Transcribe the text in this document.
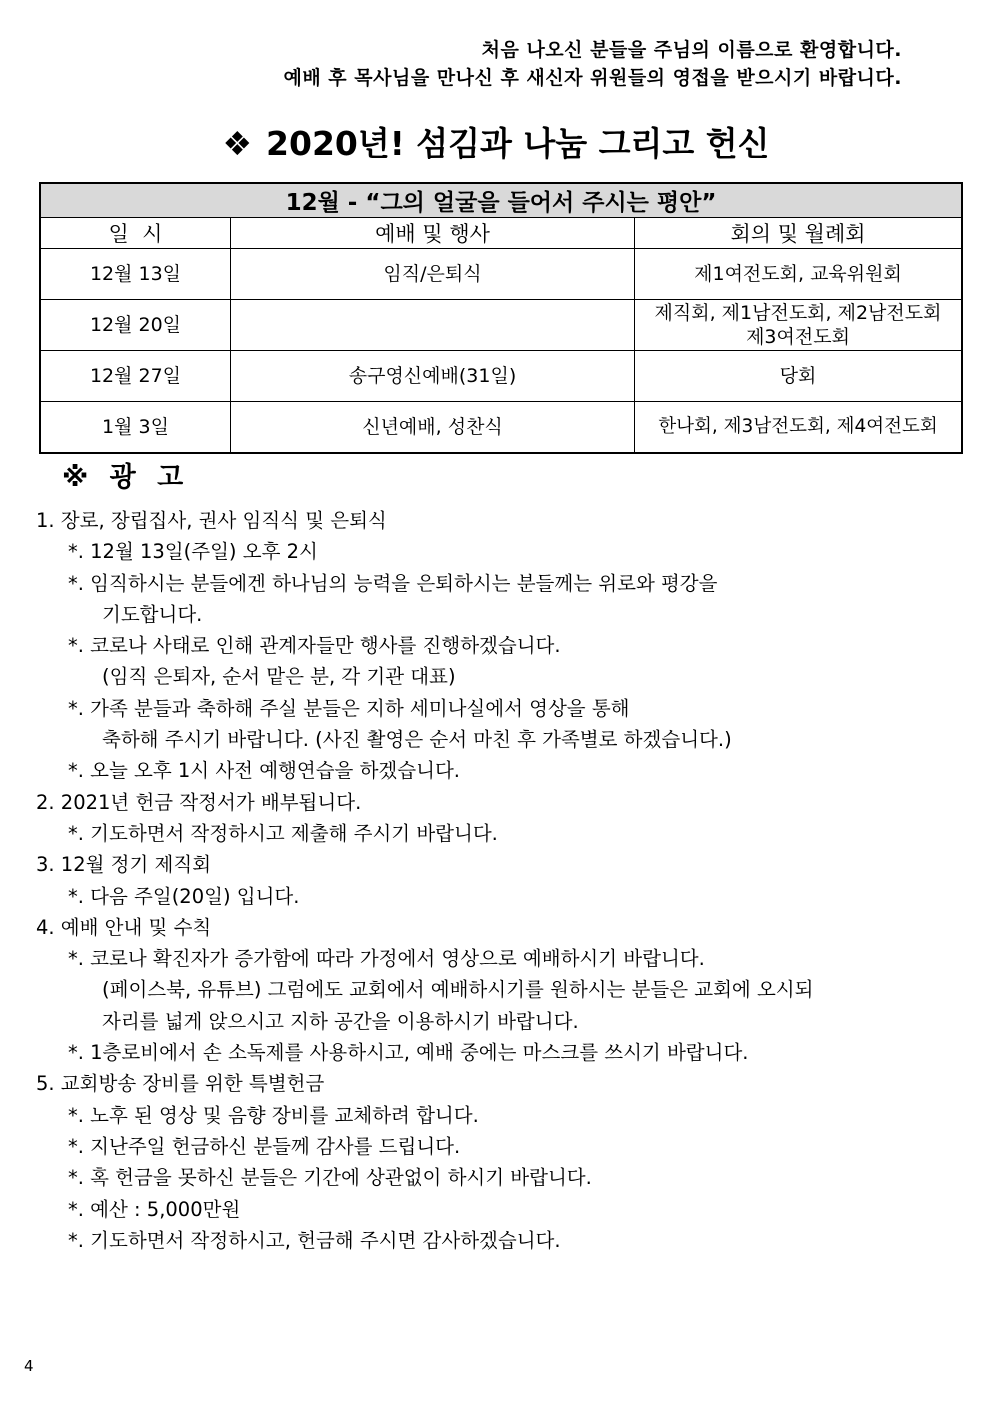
처음 나오신 분들을 주님의 이름으로 환영합니다.
예배 후 목사님을 만나신 후 새신자 위원들의 영접을 받으시기 바랍니다.
❖ 2020년! 섬김과 나눔 그리고 헌신
12월 - “그의 얼굴을 들어서 주시는 평안”		
일  시	예배 및 행사	회의 및 월례회
12월 13일	임직/은퇴식	제1여전도회, 교육위원회

12월 20일		제직회, 제1남전도회, 제2남전도회
제3여전도회

12월 27일	송구영신예배(31일)	당회

1월 3일	신년예배, 성찬식	한나회, 제3남전도회, 제4여전도회
※ 광 고
1. 장로, 장립집사, 권사 임직식 및 은퇴식
*. 12월 13일(주일) 오후 2시
*. 임직하시는 분들에겐 하나님의 능력을 은퇴하시는 분들께는 위로와 평강을
기도합니다.
*. 코로나 사태로 인해 관계자들만 행사를 진행하겠습니다.
(임직 은퇴자, 순서 맡은 분, 각 기관 대표)
*. 가족 분들과 축하해 주실 분들은 지하 세미나실에서 영상을 통해
축하해 주시기 바랍니다. (사진 촬영은 순서 마친 후 가족별로 하겠습니다.)
*. 오늘 오후 1시 사전 예행연습을 하겠습니다.
2. 2021년 헌금 작정서가 배부됩니다.
*. 기도하면서 작정하시고 제출해 주시기 바랍니다.
3. 12월 정기 제직회
*. 다음 주일(20일) 입니다.
4. 예배 안내 및 수칙
*. 코로나 확진자가 증가함에 따라 가정에서 영상으로 예배하시기 바랍니다.
(페이스북, 유튜브) 그럼에도 교회에서 예배하시기를 원하시는 분들은 교회에 오시되
자리를 넓게 앉으시고 지하 공간을 이용하시기 바랍니다.
*. 1층로비에서 손 소독제를 사용하시고, 예배 중에는 마스크를 쓰시기 바랍니다.
5. 교회방송 장비를 위한 특별헌금
*. 노후 된 영상 및 음향 장비를 교체하려 합니다.
*. 지난주일 헌금하신 분들께 감사를 드립니다.
*. 혹 헌금을 못하신 분들은 기간에 상관없이 하시기 바랍니다.
*. 예산 : 5,000만원
*. 기도하면서 작정하시고, 헌금해 주시면 감사하겠습니다.
4
